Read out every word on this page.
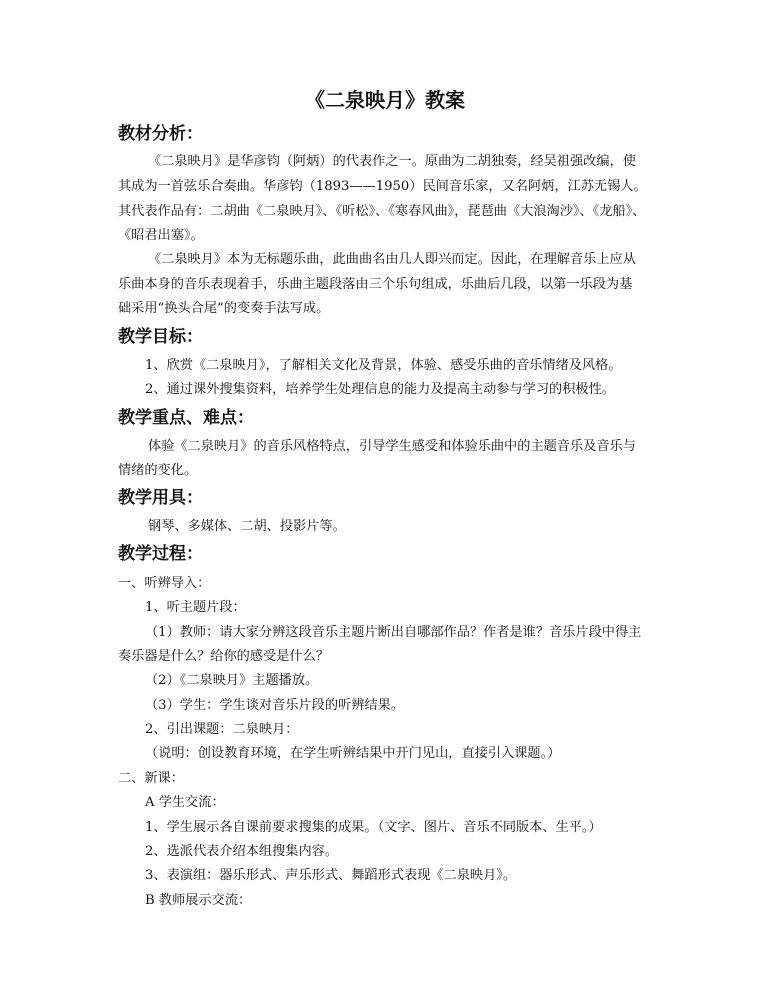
《二泉映月》教案
教材分析：
《二泉映月》是华彦钧（阿炳）的代表作之一。原曲为二胡独奏，经吴祖强改编，使
其成为一首弦乐合奏曲。华彦钧（1893——1950）民间音乐家，又名阿炳，江苏无锡人。
其代表作品有：二胡曲《二泉映月》、《听松》、《寒春风曲》，琵琶曲《大浪淘沙》、《龙船》、
《昭君出塞》。
《二泉映月》本为无标题乐曲，此曲曲名由几人即兴而定。因此，在理解音乐上应从
乐曲本身的音乐表现着手，乐曲主题段落由三个乐句组成，乐曲后几段，以第一乐段为基
础采用“换头合尾”的变奏手法写成。
教学目标：
1、欣赏《二泉映月》，了解相关文化及背景，体验、感受乐曲的音乐情绪及风格。
2、通过课外搜集资料，培养学生处理信息的能力及提高主动参与学习的积极性。
教学重点、难点：
体验《二泉映月》的音乐风格特点，引导学生感受和体验乐曲中的主题音乐及音乐与
情绪的变化。
教学用具：
钢琴、多媒体、二胡、投影片等。
教学过程：
一、听辨导入：
1、听主题片段：
（1）教师：请大家分辨这段音乐主题片断出自哪部作品？作者是谁？音乐片段中得主
奏乐器是什么？给你的感受是什么？
（2）《二泉映月》主题播放。
（3）学生：学生谈对音乐片段的听辨结果。
2、引出课题：二泉映月：
（说明：创设教育环境，在学生听辨结果中开门见山，直接引入课题。）
二、新课：
A 学生交流：
1、学生展示各自课前要求搜集的成果。（文字、图片、音乐不同版本、生平。）
2、选派代表介绍本组搜集内容。
3、表演组：器乐形式、声乐形式、舞蹈形式表现《二泉映月》。
B 教师展示交流：
